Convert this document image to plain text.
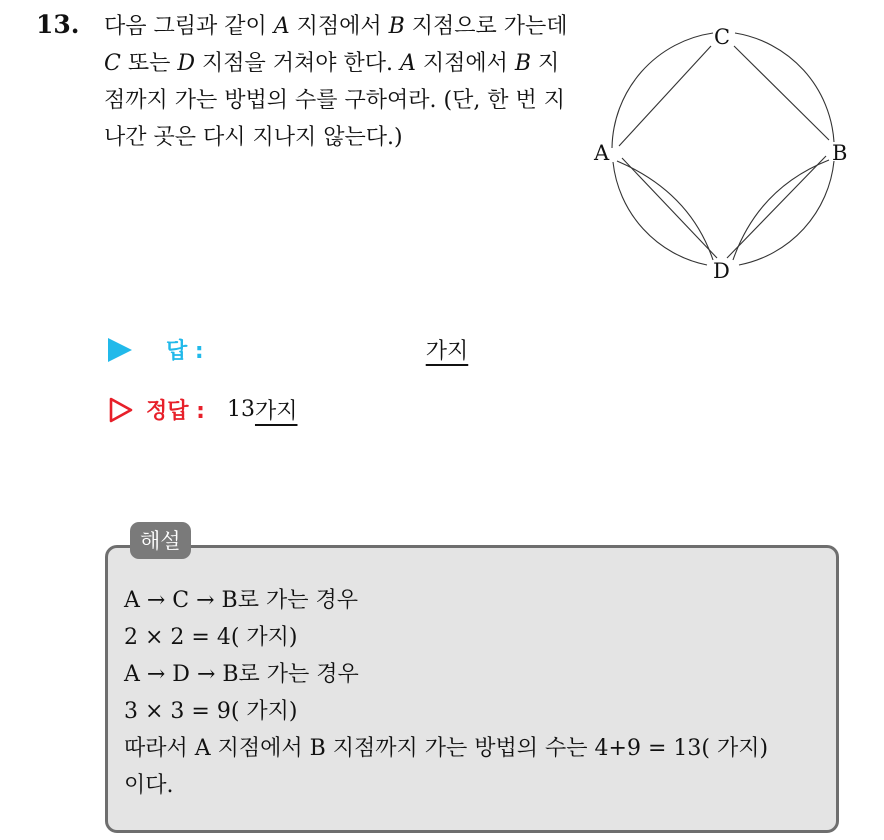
13. 다음 그림과 같이 A 지점에서 B 지점으로 가는데 C 또는 D 지점을 거쳐야 한다. A 지점에서 B 지점까지 가는 방법의 수를 구하여라. (단, 한 번 지나간 곳은 다시 지나지 않는다.)

C
A	B
D
답 :	가지
정답 : 13 가지
해설

A → C → B로 가는 경우

2 × 2 = 4( 가지)

A → D → B로 가는 경우

3 × 3 = 9( 가지)

따라서 A 지점에서 B 지점까지 가는 방법의 수는 4+9 = 13( 가지)

이다.
